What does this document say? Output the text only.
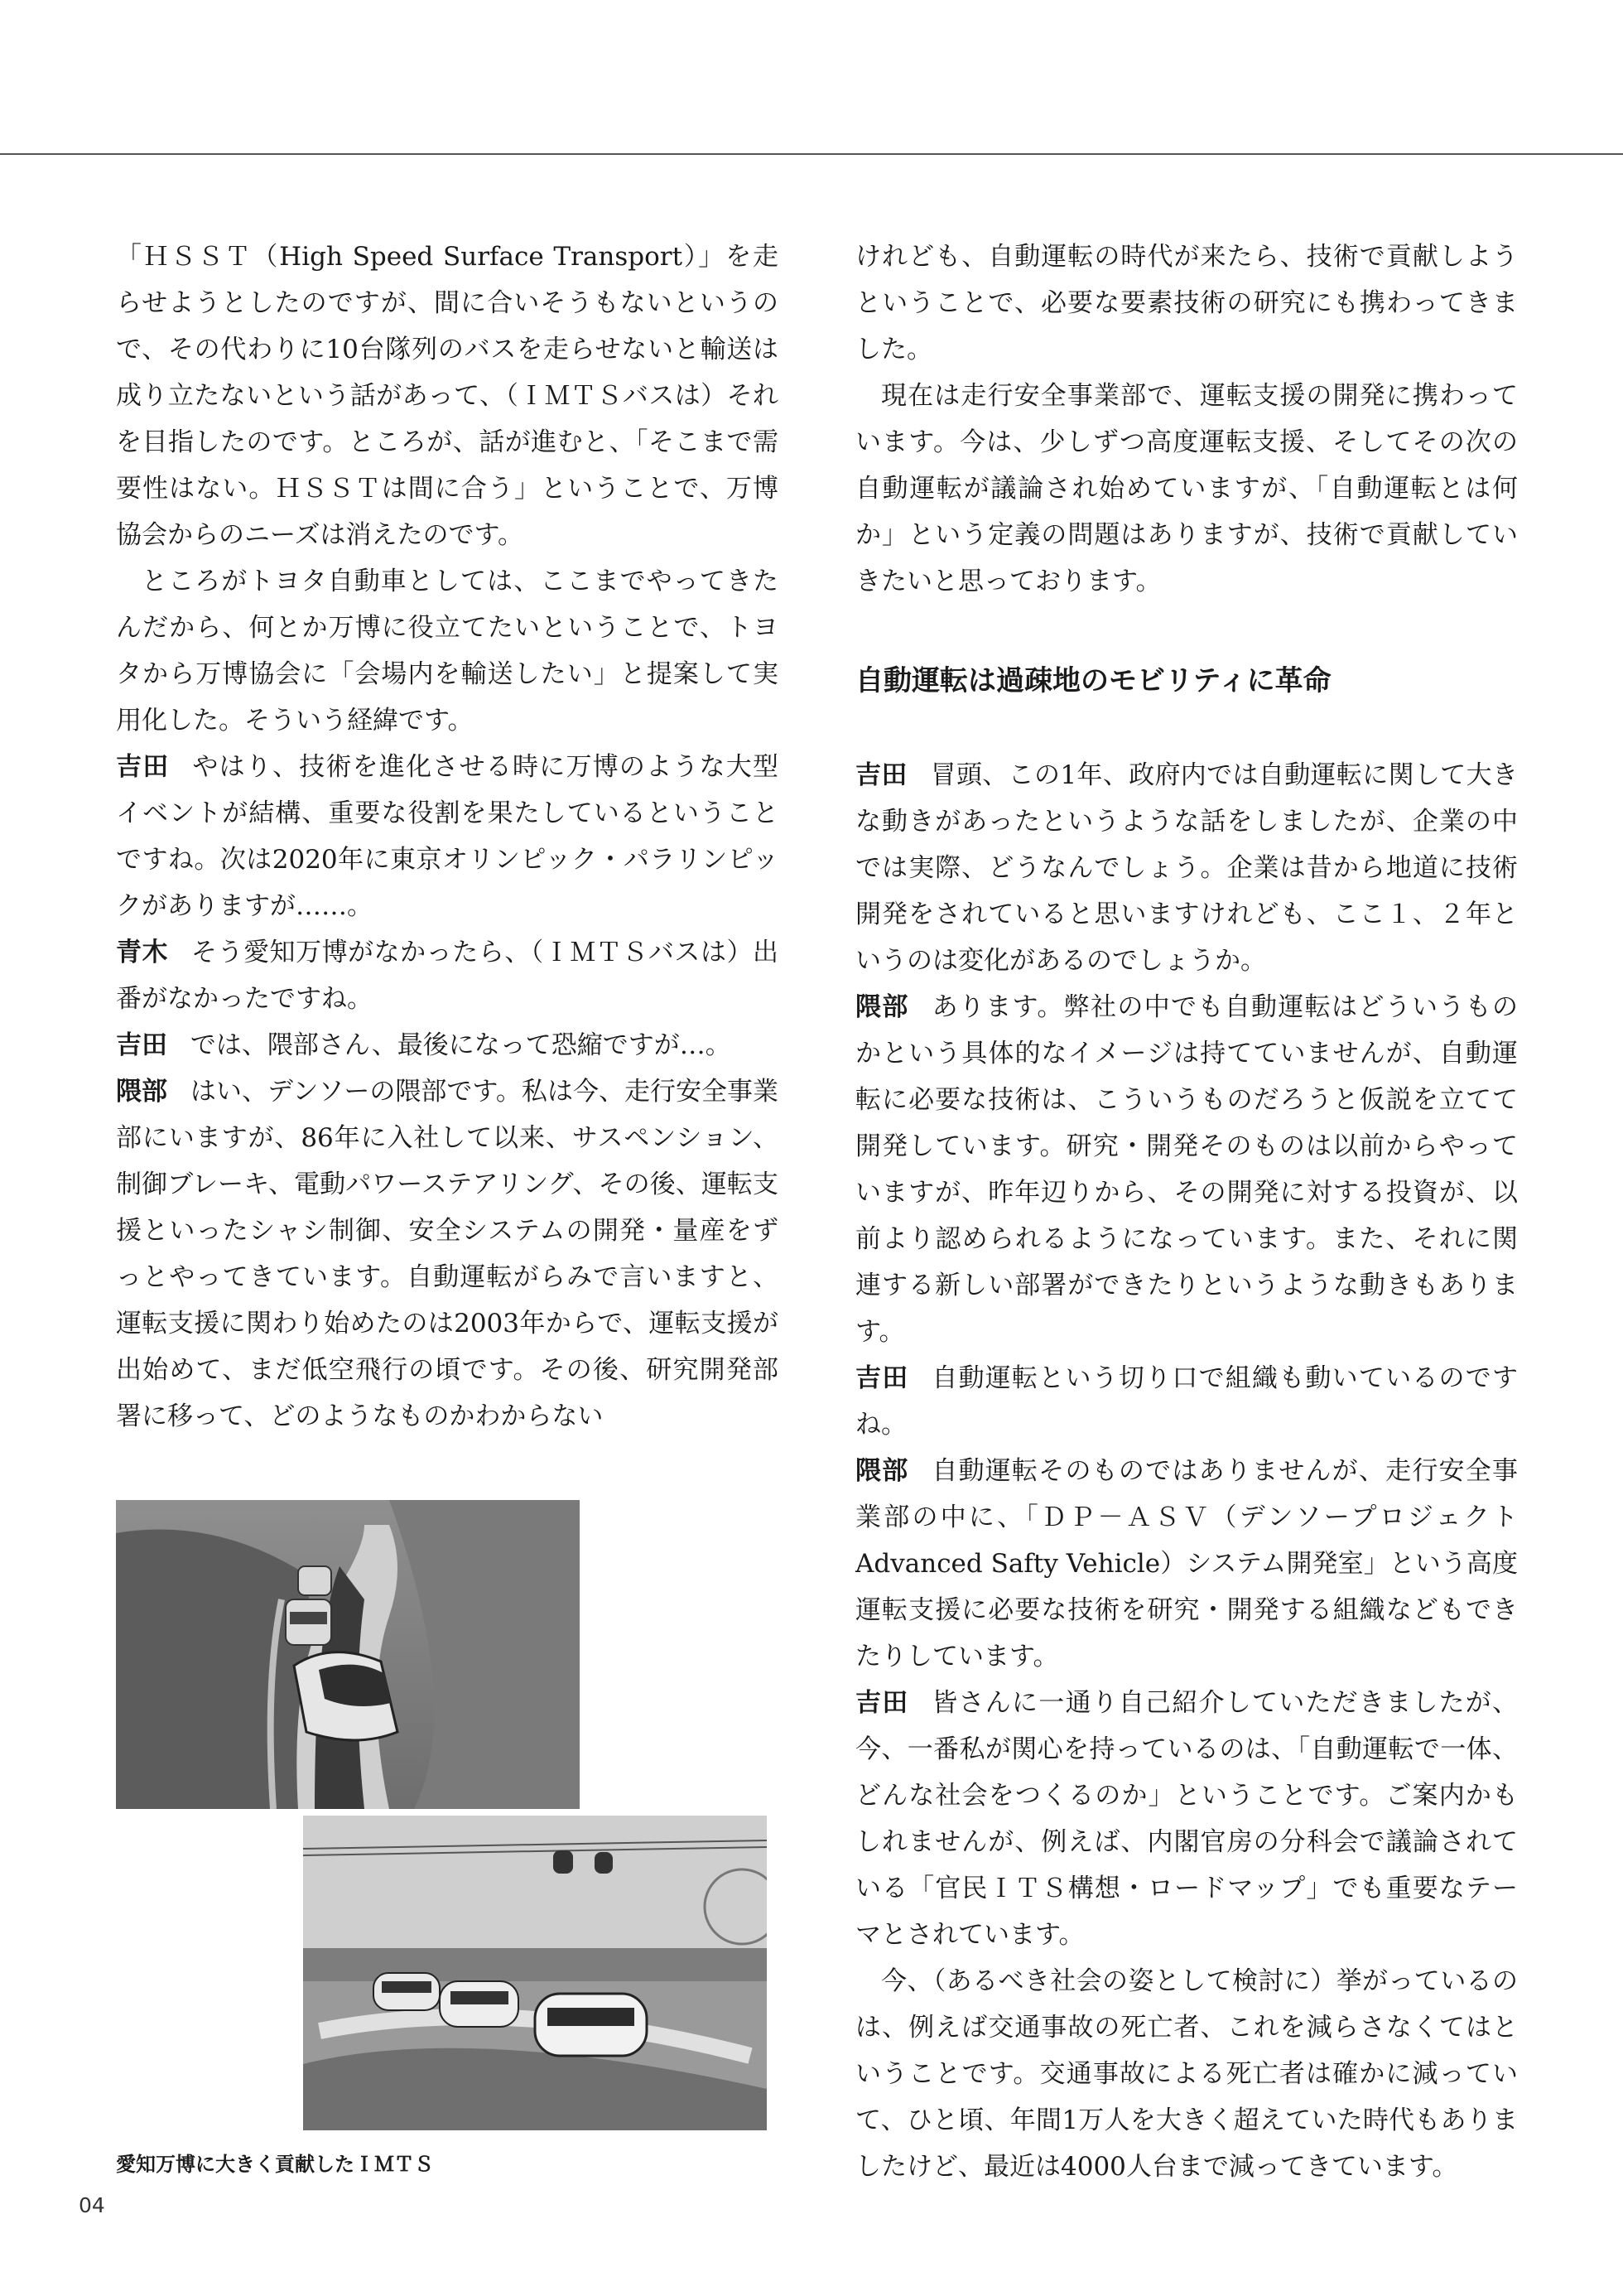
「ＨＳＳＴ（High Speed Surface Transport）」を走らせようとしたのですが、間に合いそうもないというので、その代わりに10台隊列のバスを走らせないと輸送は成り立たないという話があって、（ＩＭＴＳバスは）それを目指したのです。ところが、話が進むと、「そこまで需要性はない。ＨＳＳＴは間に合う」ということで、万博協会からのニーズは消えたのです。

ところがトヨタ自動車としては、ここまでやってきたんだから、何とか万博に役立てたいということで、トヨタから万博協会に「会場内を輸送したい」と提案して実用化した。そういう経緯です。

吉田 やはり、技術を進化させる時に万博のような大型イベントが結構、重要な役割を果たしているということですね。次は2020年に東京オリンピック・パラリンピックがありますが……。

青木 そう愛知万博がなかったら、（ＩＭＴＳバスは）出番がなかったですね。

吉田 では、隈部さん、最後になって恐縮ですが…。

隈部 はい、デンソーの隈部です。私は今、走行安全事業部にいますが、86年に入社して以来、サスペンション、制御ブレーキ、電動パワーステアリング、その後、運転支援といったシャシ制御、安全システムの開発・量産をずっとやってきています。自動運転がらみで言いますと、運転支援に関わり始めたのは2003年からで、運転支援が出始めて、まだ低空飛行の頃です。その後、研究開発部署に移って、どのようなものかわからない

けれども、自動運転の時代が来たら、技術で貢献しようということで、必要な要素技術の研究にも携わってきました。

現在は走行安全事業部で、運転支援の開発に携わっています。今は、少しずつ高度運転支援、そしてその次の自動運転が議論され始めていますが、「自動運転とは何か」という定義の問題はありますが、技術で貢献していきたいと思っております。

自動運転は過疎地のモビリティに革命

吉田 冒頭、この1年、政府内では自動運転に関して大きな動きがあったというような話をしましたが、企業の中では実際、どうなんでしょう。企業は昔から地道に技術開発をされていると思いますけれども、ここ１、２年というのは変化があるのでしょうか。

隈部 あります。弊社の中でも自動運転はどういうものかという具体的なイメージは持てていませんが、自動運転に必要な技術は、こういうものだろうと仮説を立てて開発しています。研究・開発そのものは以前からやっていますが、昨年辺りから、その開発に対する投資が、以前より認められるようになっています。また、それに関連する新しい部署ができたりというような動きもあります。

吉田 自動運転という切り口で組織も動いているのですね。

隈部 自動運転そのものではありませんが、走行安全事業部の中に、「ＤＰ－ＡＳＶ（デンソープロジェクトAdvanced Safty Vehicle）システム開発室」という高度運転支援に必要な技術を研究・開発する組織などもできたりしています。

吉田 皆さんに一通り自己紹介していただきましたが、今、一番私が関心を持っているのは、「自動運転で一体、どんな社会をつくるのか」ということです。ご案内かもしれませんが、例えば、内閣官房の分科会で議論されている「官民ＩＴＳ構想・ロードマップ」でも重要なテーマとされています。

今、（あるべき社会の姿として検討に）挙がっているのは、例えば交通事故の死亡者、これを減らさなくてはということです。交通事故による死亡者は確かに減っていて、ひと頃、年間1万人を大きく超えていた時代もありましたけど、最近は4000人台まで減ってきています。

愛知万博に大きく貢献したＩＭＴＳ
04
